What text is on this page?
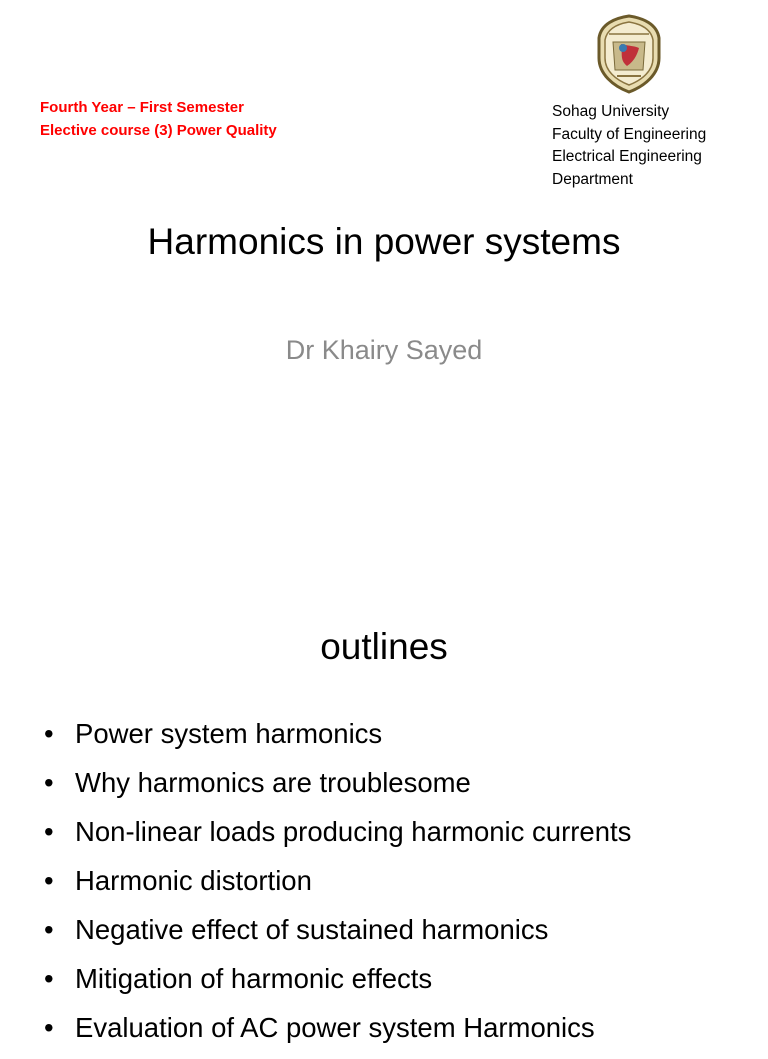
Fourth Year – First Semester
Elective course (3) Power Quality
Sohag University
Faculty of Engineering
Electrical Engineering
Department
Harmonics in power systems
Dr Khairy Sayed
outlines
• Power system harmonics
• Why harmonics are troublesome
• Non-linear loads producing harmonic currents
• Harmonic distortion
• Negative effect of sustained harmonics
• Mitigation of harmonic effects
• Evaluation of AC power system Harmonics
